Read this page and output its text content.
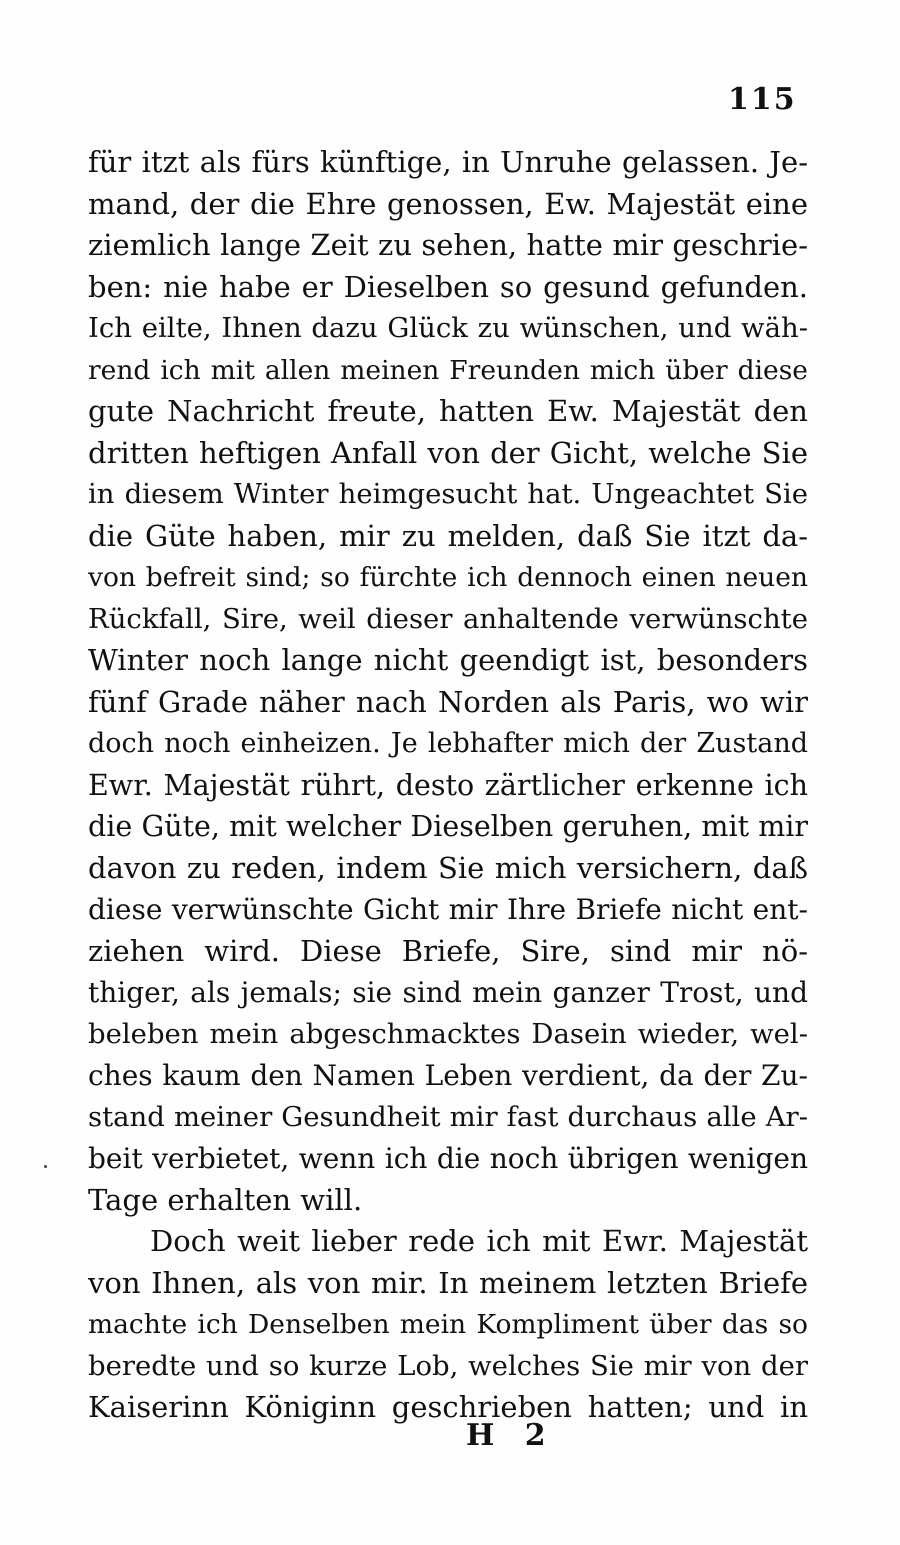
115
für itzt als fürs künftige, in Unruhe gelassen. Je-
mand, der die Ehre genossen, Ew. Majestät eine
ziemlich lange Zeit zu sehen, hatte mir geschrie-
ben: nie habe er Dieselben so gesund gefunden.
Ich eilte, Ihnen dazu Glück zu wünschen, und wäh-
rend ich mit allen meinen Freunden mich über diese
gute Nachricht freute, hatten Ew. Majestät den
dritten heftigen Anfall von der Gicht, welche Sie
in diesem Winter heimgesucht hat. Ungeachtet Sie
die Güte haben, mir zu melden, daß Sie itzt da-
von befreit sind; so fürchte ich dennoch einen neuen
Rückfall, Sire, weil dieser anhaltende verwünschte
Winter noch lange nicht geendigt ist, besonders
fünf Grade näher nach Norden als Paris, wo wir
doch noch einheizen. Je lebhafter mich der Zustand
Ewr. Majestät rührt, desto zärtlicher erkenne ich
die Güte, mit welcher Dieselben geruhen, mit mir
davon zu reden, indem Sie mich versichern, daß
diese verwünschte Gicht mir Ihre Briefe nicht ent-
ziehen wird. Diese Briefe, Sire, sind mir nö-
thiger, als jemals; sie sind mein ganzer Trost, und
beleben mein abgeschmacktes Dasein wieder, wel-
ches kaum den Namen Leben verdient, da der Zu-
stand meiner Gesundheit mir fast durchaus alle Ar-
beit verbietet, wenn ich die noch übrigen wenigen
Tage erhalten will.
Doch weit lieber rede ich mit Ewr. Majestät
von Ihnen, als von mir. In meinem letzten Briefe
machte ich Denselben mein Kompliment über das so
beredte und so kurze Lob, welches Sie mir von der
Kaiserinn Königinn geschrieben hatten; und in
H 2
